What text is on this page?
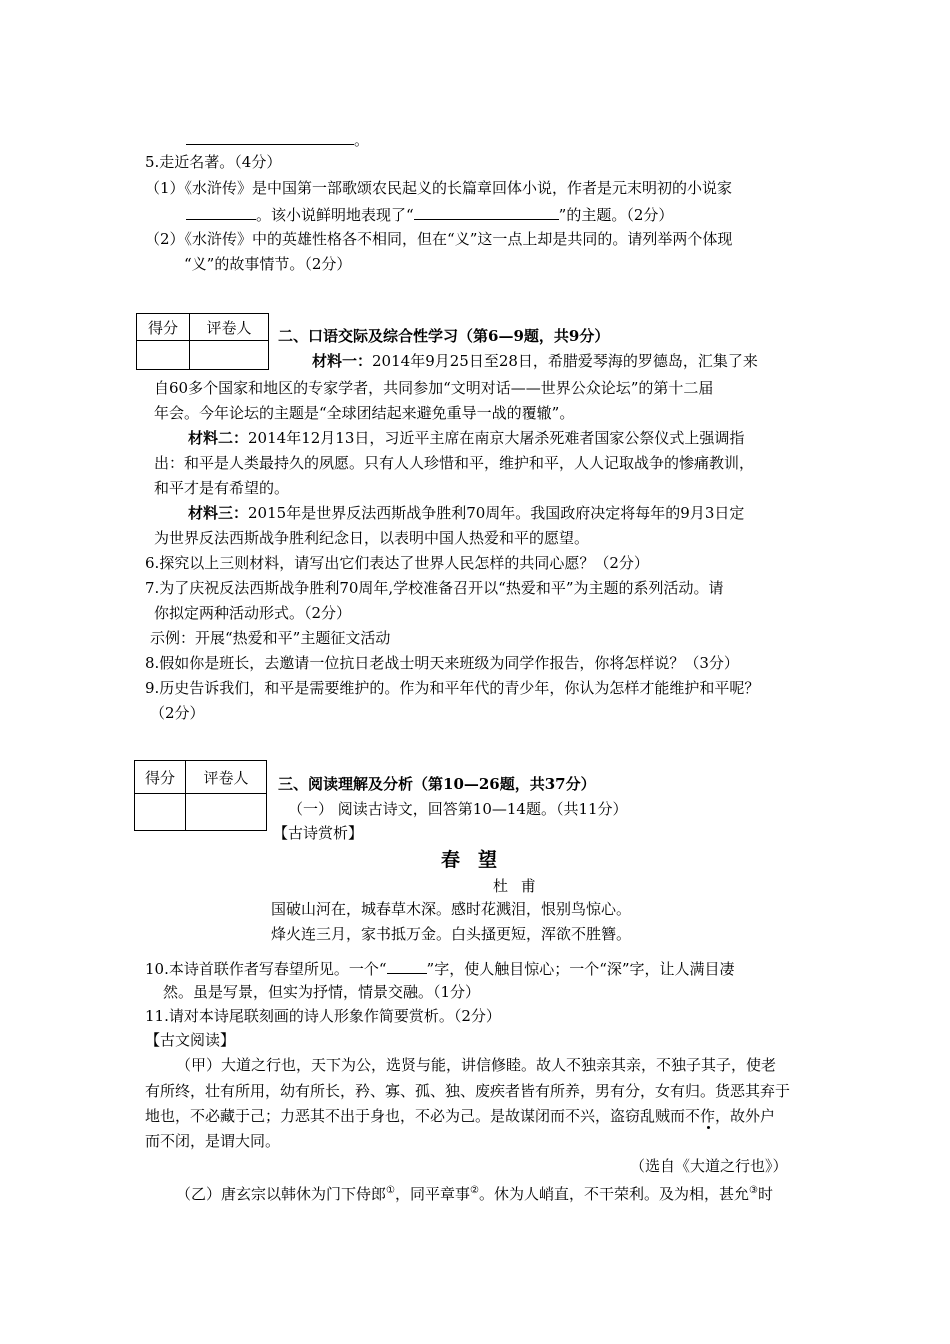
。
5.走近名著。（4分）
（1）《水浒传》是中国第一部歌颂农民起义的长篇章回体小说，作者是元末明初的小说家
。该小说鲜明地表现了“	”的主题。（2分）
（2）《水浒传》中的英雄性格各不相同，但在“义”这一点上却是共同的。请列举两个体现
“义”的故事情节。（2分）
得分	评卷人
	二、口语交际及综合性学习（第6—9题，共9分）
材料一：2014年9月25日至28日，希腊爱琴海的罗德岛，汇集了来
自60多个国家和地区的专家学者，共同参加“文明对话——世界公众论坛”的第十二届
年会。今年论坛的主题是“全球团结起来避免重导一战的覆辙”。
材料二：2014年12月13日，习近平主席在南京大屠杀死难者国家公祭仪式上强调指
出：和平是人类最持久的夙愿。只有人人珍惜和平，维护和平，人人记取战争的惨痛教训，
和平才是有希望的。
材料三：2015年是世界反法西斯战争胜利70周年。我国政府决定将每年的9月3日定
为世界反法西斯战争胜利纪念日，以表明中国人热爱和平的愿望。
6.探究以上三则材料，请写出它们表达了世界人民怎样的共同心愿？（2分）
7.为了庆祝反法西斯战争胜利70周年,学校准备召开以“热爱和平”为主题的系列活动。请
你拟定两种活动形式。（2分）
示例：开展“热爱和平”主题征文活动
8.假如你是班长，去邀请一位抗日老战士明天来班级为同学作报告，你将怎样说？（3分）
9.历史告诉我们，和平是需要维护的。作为和平年代的青少年，你认为怎样才能维护和平呢？
（2分）
得分	评卷人
	三、阅读理解及分析（第10—26题，共37分）
（一） 阅读古诗文，回答第10—14题。（共11分）
【古诗赏析】
春望
杜 甫
国破山河在，城春草木深。感时花溅泪，恨别鸟惊心。
烽火连三月，家书抵万金。白头搔更短，浑欲不胜簪。
10.本诗首联作者写春望所见。一个“	”字，使人触目惊心；一个“深”字，让人满目凄
然。虽是写景，但实为抒情，情景交融。（1分）
11.请对本诗尾联刻画的诗人形象作简要赏析。（2分）
【古文阅读】
（甲）大道之行也，天下为公，选贤与能，讲信修睦。故人不独亲其亲，不独子其子，使老
有所终，壮有所用，幼有所长，矜、寡、孤、独、废疾者皆有所养，男有分，女有归。货恶其弃于
地也，不必藏于己；力恶其不出于身也，不必为己。是故谋闭而不兴，盗窃乱贼而不作，故外户
而不闭，是谓大同。
（选自《大道之行也》）
（乙）唐玄宗以韩休为门下侍郎①，同平章事②。休为人峭直，不干荣利。及为相，甚允③时
